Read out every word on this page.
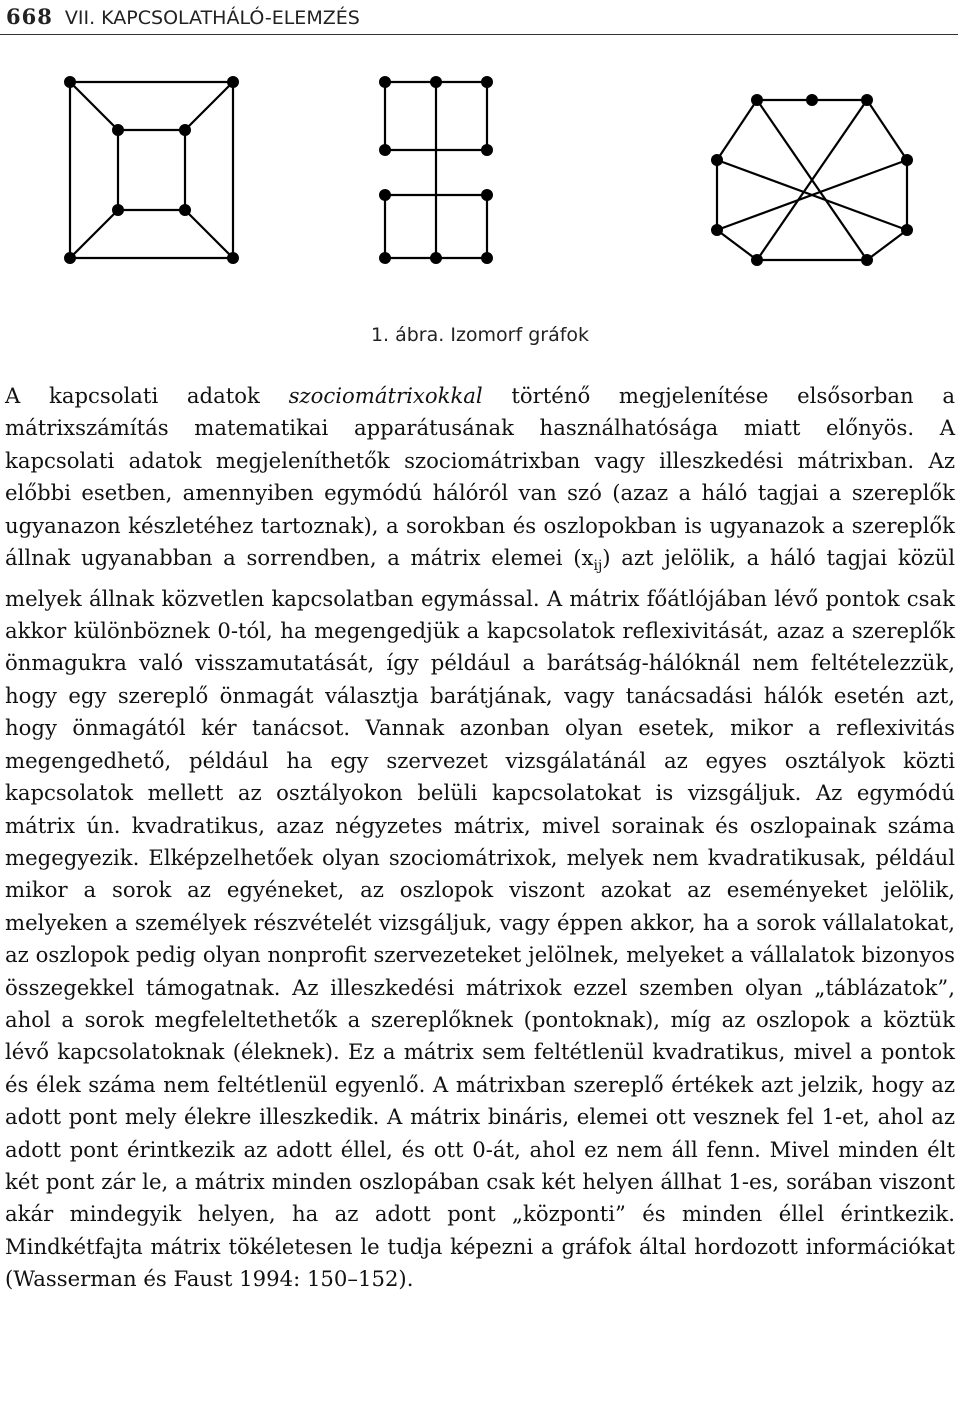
668 VII. KAPCSOLATHÁLÓ-ELEMZÉS
1. ábra. Izomorf gráfok

A kapcsolati adatok szociomátrixokkal történő megjelenítése elsősorban a mátrixszámítás matematikai apparátusának használhatósága miatt előnyös. A kapcsolati adatok megjeleníthetők szociomátrixban vagy illeszkedési mátrixban. Az előbbi esetben, amennyiben egymódú hálóról van szó (azaz a háló tagjai a szereplők ugyanazon készletéhez tartoznak), a sorokban és oszlopokban is ugyanazok a szereplők állnak ugyanabban a sorrendben, a mátrix elemei $(x_{ij})$ azt jelölik, a háló tagjai közül melyek állnak közvetlen kapcsolatban egymással. A mátrix főátlójában lévő pontok csak akkor különböznek 0-tól, ha megengedjük a kapcsolatok reflexivitását, azaz a szereplők önmagukra való visszamutatását, így például a barátság-hálóknál nem feltételezzük, hogy egy szereplő önmagát választja barátjának, vagy tanácsadási hálók esetén azt, hogy önmagától kér tanácsot. Vannak azonban olyan esetek, mikor a reflexivitás megengedhető, például ha egy szervezet vizsgálatánál az egyes osztályok közti kapcsolatok mellett az osztályokon belüli kapcsolatokat is vizsgáljuk. Az egymódú mátrix ún. kvadratikus, azaz négyzetes mátrix, mivel sorainak és oszlopainak száma megegyezik. Elképzelhetőek olyan szociomátrixok, melyek nem kvadratikusak, például mikor a sorok az egyéneket, az oszlopok viszont azokat az eseményeket jelölik, melyeken a személyek részvételét vizsgáljuk, vagy éppen akkor, ha a sorok vállalatokat, az oszlopok pedig olyan nonprofit szervezeteket jelölnek, melyeket a vállalatok bizonyos összegekkel támogatnak. Az illeszkedési mátrixok ezzel szemben olyan „táblázatok”, ahol a sorok megfeleltethetők a szereplőknek (pontoknak), míg az oszlopok a köztük lévő kapcsolatoknak (éleknek). Ez a mátrix sem feltétlenül kvadratikus, mivel a pontok és élek száma nem feltétlenül egyenlő. A mátrixban szereplő értékek azt jelzik, hogy az adott pont mely élekre illeszkedik. A mátrix bináris, elemei ott vesznek fel 1-et, ahol az adott pont érintkezik az adott éllel, és ott 0-át, ahol ez nem áll fenn. Mivel minden élt két pont zár le, a mátrix minden oszlopában csak két helyen állhat 1-es, sorában viszont akár mindegyik helyen, ha az adott pont „központi” és minden éllel érintkezik. Mindkétfajta mátrix tökéletesen le tudja képezni a gráfok által hordozott információkat (Wasserman és Faust 1994: 150–152).
